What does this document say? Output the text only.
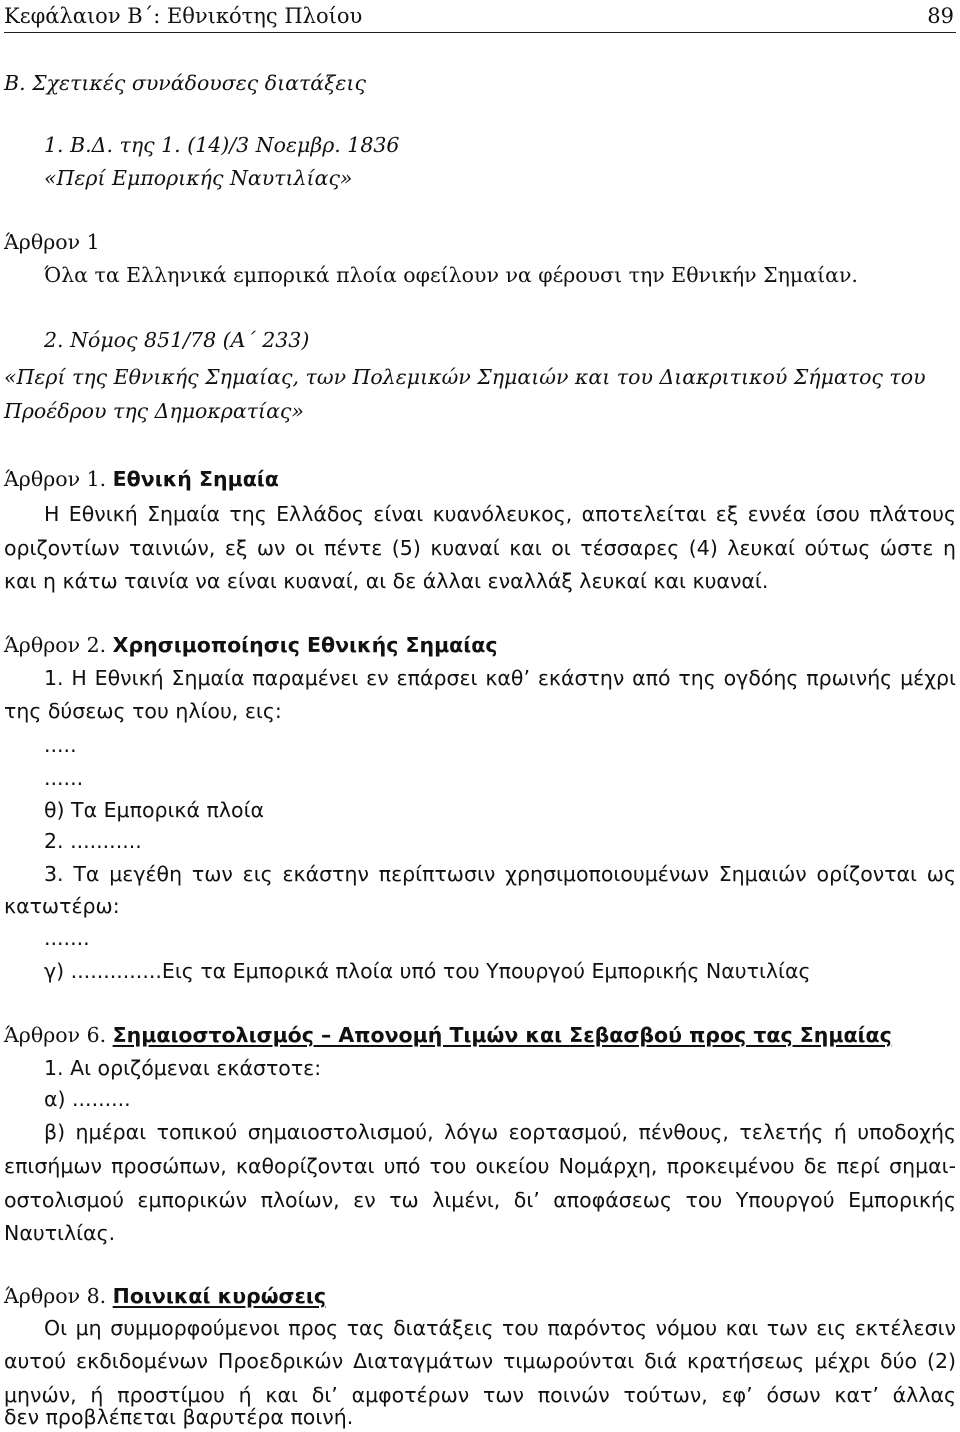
Κεφάλαιον Β΄: Εθνικότης Πλοίου	89
Β. Σχετικές συνάδουσες διατάξεις
1. Β.Δ. της 1. (14)/3 Νοεμβρ. 1836
«Περί Εμπορικής Ναυτιλίας»
Άρθρον 1
Όλα τα Ελληνικά εμπορικά πλοία οφείλουν να φέρουσι την Εθνικήν Σημαίαν.
2. Νόμος 851/78 (Α΄ 233)
«Περί της Εθνικής Σημαίας, των Πολεμικών Σημαιών και του Διακριτικού Σήματος του
Προέδρου της Δημοκρατίας»
Άρθρον 1. Εθνική Σημαία
Η Εθνική Σημαία της Ελλάδος είναι κυανόλευκος, αποτελείται εξ εννέα ίσου πλάτους
οριζοντίων ταινιών, εξ ων οι πέντε (5) κυαναί και οι τέσσαρες (4) λευκαί ούτως ώστε η
και η κάτω ταινία να είναι κυαναί, αι δε άλλαι εναλλάξ λευκαί και κυαναί.
Άρθρον 2. Χρησιμοποίησις Εθνικής Σημαίας
1. Η Εθνική Σημαία παραμένει εν επάρσει καθ’ εκάστην από της ογδόης πρωινής μέχρι
της δύσεως του ηλίου, εις:
.....
......
θ) Τα Εμπορικά πλοία
2. ...........
3. Τα μεγέθη των εις εκάστην περίπτωσιν χρησιμοποιουμένων Σημαιών ορίζονται ως
κατωτέρω:
.......
γ) ..............Εις τα Εμπορικά πλοία υπό του Υπουργού Εμπορικής Ναυτιλίας
Άρθρον 6. Σημαιοστολισμός – Απονομή Τιμών και Σεβασβού προς τας Σημαίας
1. Αι οριζόμεναι εκάστοτε:
α) .........
β) ημέραι τοπικού σημαιοστολισμού, λόγω εορτασμού, πένθους, τελετής ή υποδοχής
επισήμων προσώπων, καθορίζονται υπό του οικείου Νομάρχη, προκειμένου δε περί σημαι-
οστολισμού εμπορικών πλοίων, εν τω λιμένι, δι’ αποφάσεως του Υπουργού Εμπορικής
Ναυτιλίας.
Άρθρον 8. Ποινικαί κυρώσεις
Οι μη συμμορφούμενοι προς τας διατάξεις του παρόντος νόμου και των εις εκτέλεσιν
αυτού εκδιδομένων Προεδρικών Διαταγμάτων τιμωρούνται διά κρατήσεως μέχρι δύο (2)
μηνών, ή προστίμου ή και δι’ αμφοτέρων των ποινών τούτων, εφ’ όσων κατ’ άλλας
δεν προβλέπεται βαρυτέρα ποινή.
